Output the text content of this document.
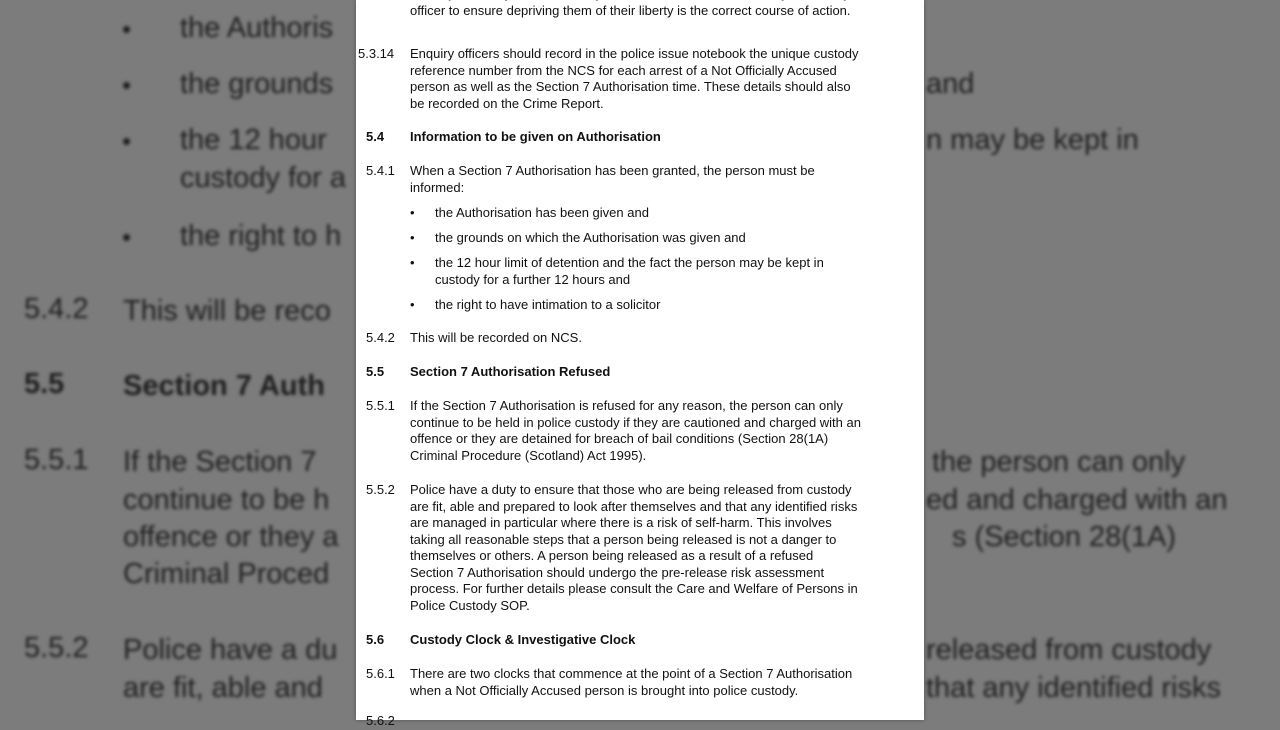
• the Authoris
• the grounds
• the 12 hour
custody for a
• the right to h
5.4.2 This will be reco
5.5 Section 7 Auth
5.5.1 If the Section 7
continue to be h
offence or they a
Criminal Proced
5.5.2 Police have a du
are fit, able and
and
n may be kept in
the person can only
ed and charged with an
s (Section 28(1A)
released from custody
that any identified risks
officer to ensure depriving them of their liberty is the correct course of action.
5.3.14 Enquiry officers should record in the police issue notebook the unique custody
reference number from the NCS for each arrest of a Not Officially Accused
person as well as the Section 7 Authorisation time. These details should also
be recorded on the Crime Report.
5.4 Information to be given on Authorisation
5.4.1 When a Section 7 Authorisation has been granted, the person must be
informed:
• the Authorisation has been given and
• the grounds on which the Authorisation was given and
• the 12 hour limit of detention and the fact the person may be kept in
custody for a further 12 hours and
• the right to have intimation to a solicitor
5.4.2 This will be recorded on NCS.
5.5 Section 7 Authorisation Refused
5.5.1 If the Section 7 Authorisation is refused for any reason, the person can only
continue to be held in police custody if they are cautioned and charged with an
offence or they are detained for breach of bail conditions (Section 28(1A)
Criminal Procedure (Scotland) Act 1995).
5.5.2 Police have a duty to ensure that those who are being released from custody
are fit, able and prepared to look after themselves and that any identified risks
are managed in particular where there is a risk of self-harm. This involves
taking all reasonable steps that a person being released is not a danger to
themselves or others. A person being released as a result of a refused
Section 7 Authorisation should undergo the pre-release risk assessment
process. For further details please consult the Care and Welfare of Persons in
Police Custody SOP.
5.6 Custody Clock & Investigative Clock
5.6.1 There are two clocks that commence at the point of a Section 7 Authorisation
when a Not Officially Accused person is brought into police custody.
5.6.2
